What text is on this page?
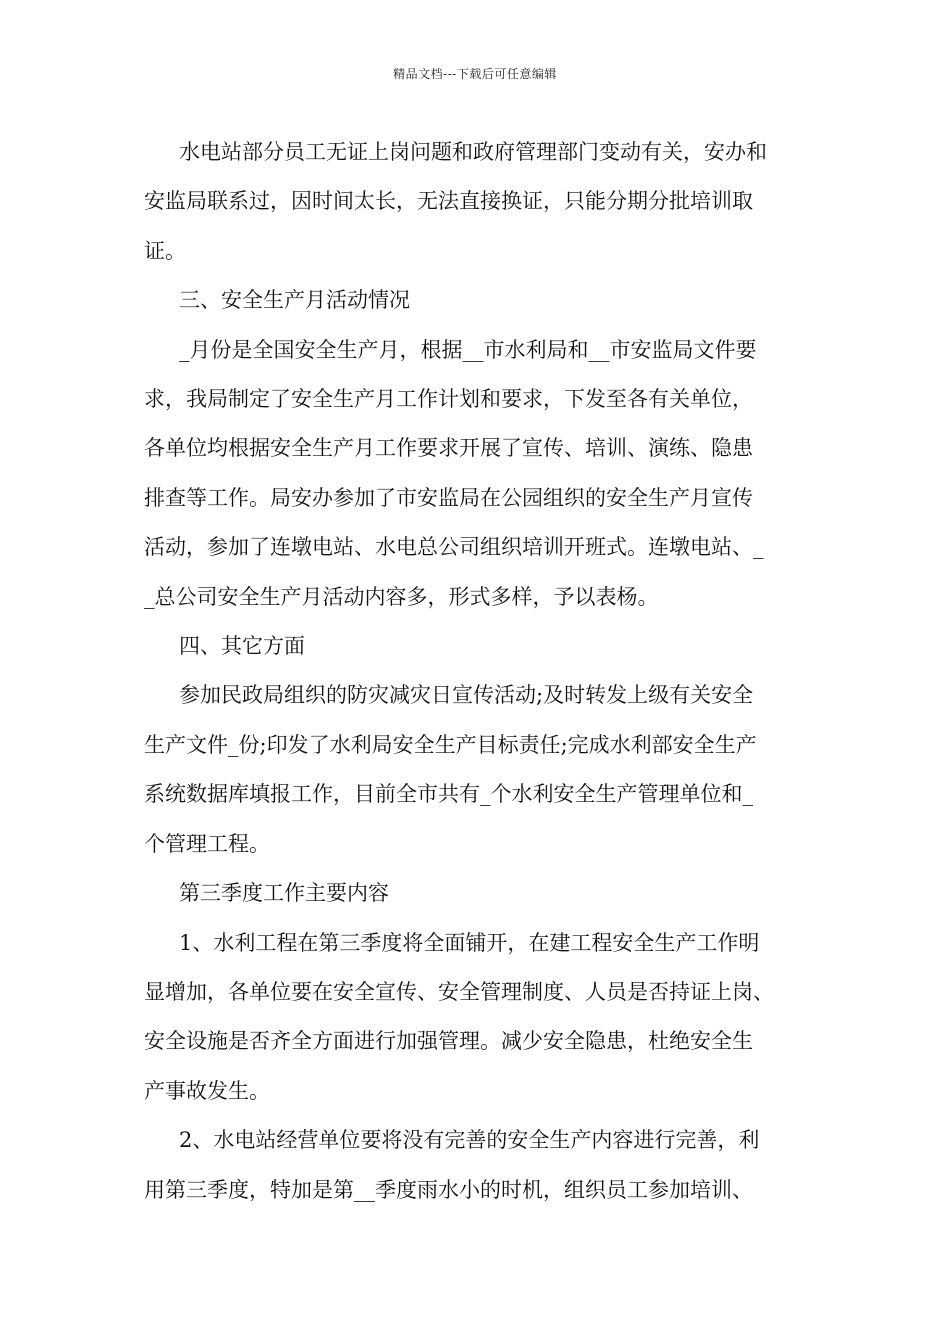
精品文档---下载后可任意编辑
水电站部分员工无证上岗问题和政府管理部门变动有关，安办和
安监局联系过，因时间太长，无法直接换证，只能分期分批培训取
证。
三、安全生产月活动情况
_月份是全国安全生产月，根据__市水利局和__市安监局文件要
求，我局制定了安全生产月工作计划和要求，下发至各有关单位，
各单位均根据安全生产月工作要求开展了宣传、培训、演练、隐患
排查等工作。局安办参加了市安监局在公园组织的安全生产月宣传
活动，参加了连墩电站、水电总公司组织培训开班式。连墩电站、_
_总公司安全生产月活动内容多，形式多样，予以表杨。
四、其它方面
参加民政局组织的防灾减灾日宣传活动;及时转发上级有关安全
生产文件_份;印发了水利局安全生产目标责任;完成水利部安全生产
系统数据库填报工作，目前全市共有_个水利安全生产管理单位和_
个管理工程。
第三季度工作主要内容
1、水利工程在第三季度将全面铺开，在建工程安全生产工作明
显增加，各单位要在安全宣传、安全管理制度、人员是否持证上岗、
安全设施是否齐全方面进行加强管理。减少安全隐患，杜绝安全生
产事故发生。
2、水电站经营单位要将没有完善的安全生产内容进行完善，利
用第三季度，特加是第__季度雨水小的时机，组织员工参加培训、
